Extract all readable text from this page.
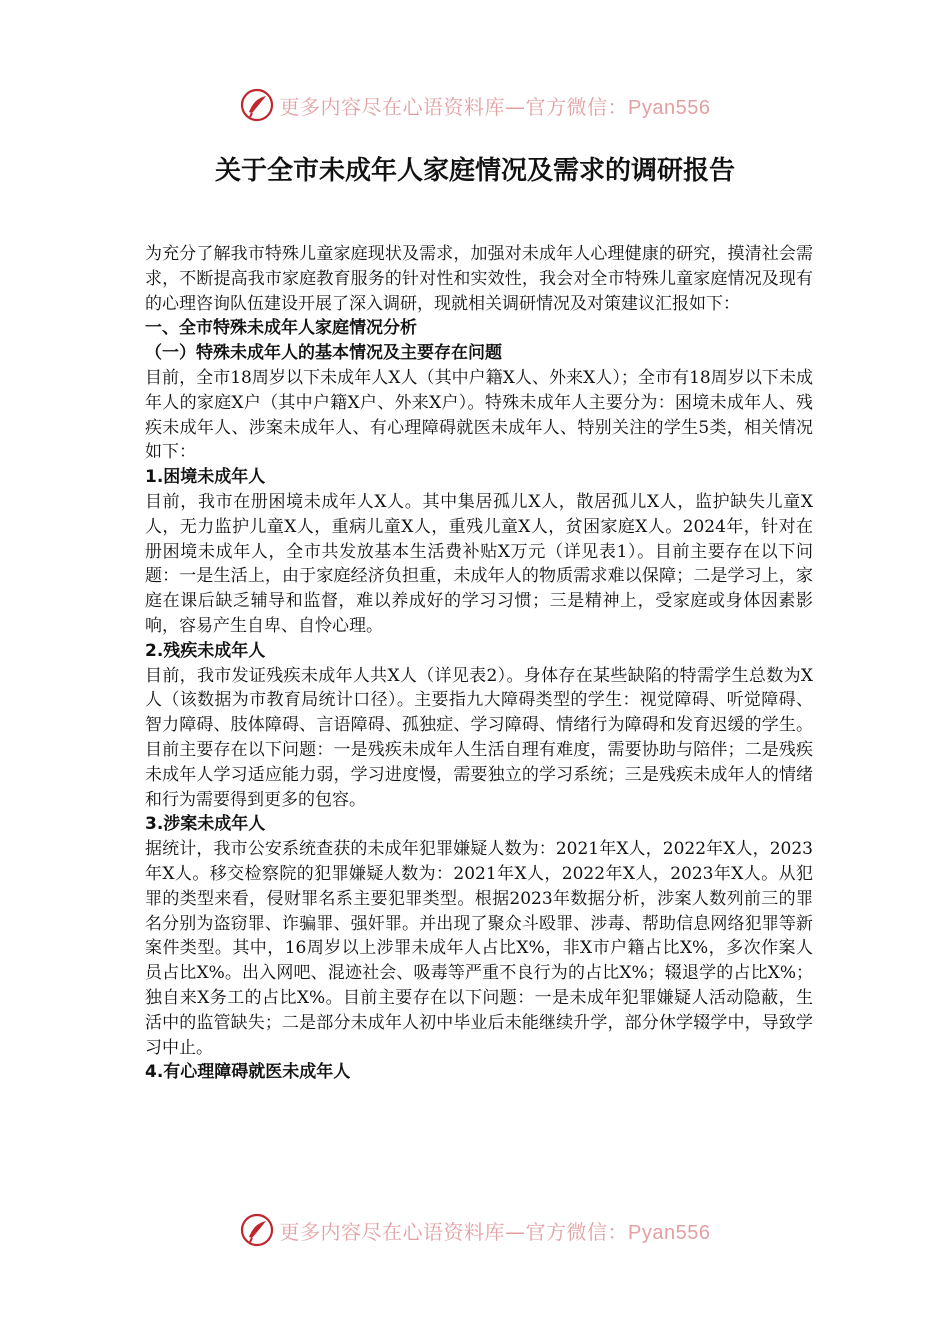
更多内容尽在心语资料库—官方微信：Pyan556
关于全市未成年人家庭情况及需求的调研报告

为充分了解我市特殊儿童家庭现状及需求，加强对未成年人心理健康的研究，摸清社会需求，不断提高我市家庭教育服务的针对性和实效性，我会对全市特殊儿童家庭情况及现有的心理咨询队伍建设开展了深入调研，现就相关调研情况及对策建议汇报如下：

一、全市特殊未成年人家庭情况分析
（一）特殊未成年人的基本情况及主要存在问题

目前，全市18周岁以下未成年人X人（其中户籍X人、外来X人）；全市有18周岁以下未成年人的家庭X户（其中户籍X户、外来X户）。特殊未成年人主要分为：困境未成年人、残疾未成年人、涉案未成年人、有心理障碍就医未成年人、特别关注的学生5类，相关情况如下：

1.困境未成年人

目前，我市在册困境未成年人X人。其中集居孤儿X人，散居孤儿X人，监护缺失儿童X人，无力监护儿童X人，重病儿童X人，重残儿童X人，贫困家庭X人。2024年，针对在册困境未成年人，全市共发放基本生活费补贴X万元（详见表1）。目前主要存在以下问题：一是生活上，由于家庭经济负担重，未成年人的物质需求难以保障；二是学习上，家庭在课后缺乏辅导和监督，难以养成好的学习习惯；三是精神上，受家庭或身体因素影响，容易产生自卑、自怜心理。

2.残疾未成年人

目前，我市发证残疾未成年人共X人（详见表2）。身体存在某些缺陷的特需学生总数为X人（该数据为市教育局统计口径）。主要指九大障碍类型的学生：视觉障碍、听觉障碍、智力障碍、肢体障碍、言语障碍、孤独症、学习障碍、情绪行为障碍和发育迟缓的学生。目前主要存在以下问题：一是残疾未成年人生活自理有难度，需要协助与陪伴；二是残疾未成年人学习适应能力弱，学习进度慢，需要独立的学习系统；三是残疾未成年人的情绪和行为需要得到更多的包容。

3.涉案未成年人

据统计，我市公安系统查获的未成年犯罪嫌疑人数为：2021年X人，2022年X人，2023年X人。移交检察院的犯罪嫌疑人数为：2021年X人，2022年X人，2023年X人。从犯罪的类型来看，侵财罪名系主要犯罪类型。根据2023年数据分析，涉案人数列前三的罪名分别为盗窃罪、诈骗罪、强奸罪。并出现了聚众斗殴罪、涉毒、帮助信息网络犯罪等新案件类型。其中，16周岁以上涉罪未成年人占比X%，非X市户籍占比X%，多次作案人员占比X%。出入网吧、混迹社会、吸毒等严重不良行为的占比X%；辍退学的占比X%；独自来X务工的占比X%。目前主要存在以下问题：一是未成年犯罪嫌疑人活动隐蔽，生活中的监管缺失；二是部分未成年人初中毕业后未能继续升学，部分休学辍学中，导致学习中止。

4.有心理障碍就医未成年人
更多内容尽在心语资料库—官方微信：Pyan556
